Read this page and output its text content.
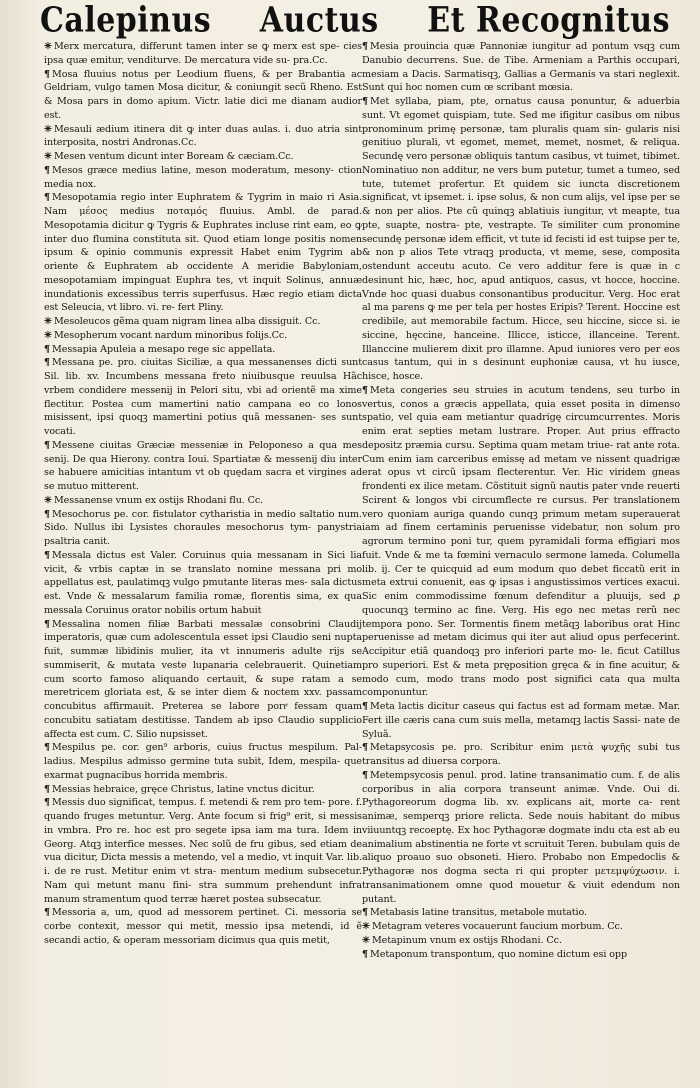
Calepinus Auctus Et Recognitus

✳ Merx mercatura, differunt tamen inter se ꝙ merx est spe- cies ipsa quæ emitur, venditurve. De mercatura vide su- pra.Cc.

¶ Mosa fluuius notus per Leodium fluens, & per Brabantia ac Geldriam, vulgo tamen Mosa dicitur, & coniungit secũ Rheno. Est & Mosa pars in domo apium. Victr. latie dici me dianam audior est.

✳ Mesauli ædium itinera dit ꝙ inter duas aulas. i. duo atria sint interposita, nostri Andronas.Cc.

✳ Mesen ventum dicunt inter Boream & cæciam.Cc.

¶ Mesos græce medius latine, meson moderatum, mesony- ction media nox.

¶ Mesopotamia regio inter Euphratem & Tygrim in maio ri Asia. Nam μέσος medius ποταμός fluuius. Ambl. de parad. Mesopotamia dicitur ꝙ Tygris & Euphrates incluse rint eam, eo ꝙ inter duo flumina constituta sit. Quod etiam longe positis nomen ipsum & opinio communis expressit Habet enim Tygrim ab oriente & Euphratem ab occidente A meridie Babyloniam, mesopotamiam impinguat Euphra tes, vt inquit Solinus, annuæ inundationis excessibus terris superfusus. Hæc regio etiam dicta est Seleucia, vt libro. vi. re- fert Pliny.

✳ Mesoleucos gẽma quam nigram linea alba dissiguit. Cc.

✳ Mesopherum vocant nardum minoribus folijs.Cc.

¶ Messapia Apuleia a mesapo rege sic appellata.

¶ Messana pe. pro. ciuitas Siciliæ, a qua messanenses dicti sunt Sil. lib. xv. Incumbens messana freto niuibusque reuulsa Hãc vrbem condidere messenij in Pelori situ, vbi ad orientẽ ma xime flectitur. Postea cum mamertini natio campana eo co lonos misissent, ipsi quoqꝫ mamertini potius quã messanen- ses sunt vocati.

¶ Messene ciuitas Græciæ messeniæ in Peloponeso a qua mes senij. De qua Hierony. contra Ioui. Spartiatæ & messenij diu inter se habuere amicitias intantum vt ob quędam sacra et virgines ad se mutuo mitterent.

✳ Messanense vnum ex ostijs Rhodani flu. Cc.

¶ Mesochorus pe. cor. fistulator cytharistia in medio saltatio num. Sido. Nullus ibi Lysistes choraules mesochorus tym- panystria psaltria canit.

¶ Messala dictus est Valer. Coruinus quia messanam in Sici lia vicit, & vrbis captæ in se translato nomine messana pri mo appellatus est, paulatimqꝫ vulgo pmutante literas mes- sala dictus est. Vnde & messalarum familia romæ, florentis sima, ex qua messala Coruinus orator nobilis ortum habuit

¶ Messalina nomen filiæ Barbati messalæ consobrini Claudij imperatoris, quæ cum adolescentula esset ipsi Claudio seni nupta fuit, summæ libidinis mulier, ita vt innumeris adulte rijs se summiserit, & mutata veste lupanaria celebrauerit. Quinetiam cum scorto famoso aliquando certauit, & supe ratam a se meretricem gloriata est, & se inter diem & noctem xxv. passam concubitus affirmauit. Preterea se labore porrͤ fessam quam concubitu satiatam destitisse. Tandem ab ipso Claudio supplicio affecta est cum. C. Silio nupsisset.

¶ Mespilus pe. cor. gen⁹ arboris, cuius fructus mespilum. Pal- ladius. Mespilus admisso germine tuta subit, Idem, mespila- que exarmat pugnacibus horrida membris.

¶ Messias hebraice, gręce Christus, latine vnctus dicitur.

¶ Messis duo significat, tempus. f. metendi & rem pro tem- pore. f. quando fruges metuntur. Verg. Ante focum si frig⁹ erit, si messis in vmbra. Pro re. hoc est pro segete ipsa iam ma tura. Idem in Georg. Atqꝫ interfice messes. Nec solũ de fru gibus, sed etiam de vua dicitur, Dicta messis a metendo, vel a medio, vt inquit Var. lib. i. de re rust. Metitur enim vt stra- mentum medium subsecetur. Nam qui metunt manu fini- stra summum prehendunt infra manum stramentum quod terræ hæret postea subsecatur.

¶ Messoria a, um, quod ad messorem pertinet. Ci. messoria se corbe contexit, messor qui metit, messio ipsa metendi, id ẽ secandi actio, & operam messoriam dicimus qua quis metit,

¶ Mesia prouincia quæ Pannoniæ iungitur ad pontum vsqꝫ cum Danubio decurrens. Sue. de Tibe. Armeniam a Parthis occupari, mesiam a Dacis. Sarmatisqꝫ, Gallias a Germanis va stari neglexit. Sunt qui hoc nomen cum œ scribant mœsia.

¶ Met syllaba, piam, pte, ornatus causa ponuntur, & aduerbia sunt. Vt egomet quispiam, tute. Sed me ifigitur casibus om nibus pronominum primę personæ, tam pluralis quam sin- gularis nisi genitiuo plurali, vt egomet, memet, memet, nosmet, & reliqua. Secundę vero personæ obliquis tantum casibus, vt tuimet, tibimet. Nominatiuo non additur, ne vers bum putetur, tumet a tumeo, sed tute, tutemet profertur. Et quidem sic iuncta discretionem significat, vt ipsemet. i. ipse solus, & non cum alijs, vel ipse per se & non per alios. Pte cũ quinqꝫ ablatiuis iungitur, vt meapte, tua pte, suapte, nostra- pte, vestrapte. Te similiter cum pronomine secundę personæ idem efficit, vt tute id fecisti id est tuipse per te, & non p alios Tete vtraqꝫ producta, vt meme, sese, composita ostendunt acceutu acuto. Ce vero additur fere is quæ in c desinunt hic, hæc, hoc, apud antiquos, casus, vt hocce, hoccine. Vnde hoc quasi duabus consonantibus producitur. Verg. Hoc erat al ma parens ꝙ me per tela per hostes Eripis? Terent. Hoccine est credibile, aut memorabile factum. Hicce, seu hiccine, sicce si. ie siccine, hęccine, hanceine. Illicce, isticce, illanceine. Terent. Illanccine mulierem dixit pro illamne. Apud iuniores vero per eos casus tantum, qui in s desinunt euphoniæ causa, vt hu iusce, hisce, hosce.

¶ Meta congeries seu struies in acutum tendens, seu turbo in vertus, conos a græcis appellata, quia esset posita in dimenso spatio, vel quia eam metiantur quadrigę circumcurrentes. Moris enim erat septies metam lustrare. Proper. Aut prius effracto depositz præmia cursu. Septima quam metam triue- rat ante rota. Cum enim iam carceribus emissę ad metam ve nissent quadrigæ erat opus vt circũ ipsam flecterentur. Ver. Hic viridem gneas frondenti ex ilice metam. Cõstituit signũ nautis pater vnde reuerti Scirent & longos vbi circumflecte re cursus. Per translationem vero quoniam auriga quando cunqꝫ primum metam superauerat iam ad finem certaminis peruenisse videbatur, non solum pro agrorum termino poni tur, quem pyramidali forma effigiari mos fuit. Vnde & me ta fœmini vernaculo sermone lameda. Columella lib. ij. Cer te quicquid ad eum modum quo debet ficcatũ erit in meta extrui conuenit, eas ꝙ ipsas i angustissimos vertices exacui. Sic enim commodissime fœnum defenditur a pluuijs, sed ꝓ quocunqꝫ termino ac fine. Verg. His ego nec metas rerũ nec tempora pono. Ser. Tormentis finem metãqꝫ laboribus orat Hinc peruenisse ad metam dicimus qui iter aut aliud opus perfecerint. Accipitur etiã quandoqꝫ pro inferiori parte mo- le. ficut Catillus pro superiori. Est & meta pręposition grȩca & in fine acuitur, & modo cum, modo trans modo post significi cata qua multa componuntur.

¶ Meta lactis dicitur caseus qui factus est ad formam metæ. Mar. Fert ille cæris cana cum suis mella, metamqꝫ lactis Sassi- nate de Syluã.

¶ Metapsycosis pe. pro. Scribitur enim μετὰ ψυχῆς subi tus transitus ad diuersa corpora.

¶ Metempsycosis penul. prod. latine transanimatio cum. f. de alis corporibus in alia corpora transeunt animæ. Vnde. Oui di. Pythagoreorum dogma lib. xv. explicans ait, morte ca- rent animæ, semperqꝫ priore relicta. Sede nouis habitant do mibus viiuuntqꝫ recoeptę. Ex hoc Pythagoræ dogmate indu cta est ab eu animalium abstinentia ne forte vt scruituit Teren. bubulam quis de aliquo proauo suo obsoneti. Hiero. Probabo non Empedoclis & Pythagoræ nos dogma secta ri qui propter μετεμψύχωσιν. i. transanimationem omne quod mouetur & viuit edendum non putant.

¶ Metabasis latine transitus, metabole mutatio.

✳ Metagram veteres vocauerunt faucium morbum. Cc.

✳ Metapinum vnum ex ostijs Rhodani. Cc.

¶ Metaponum transpontum, quo nomine dictum esi opp
